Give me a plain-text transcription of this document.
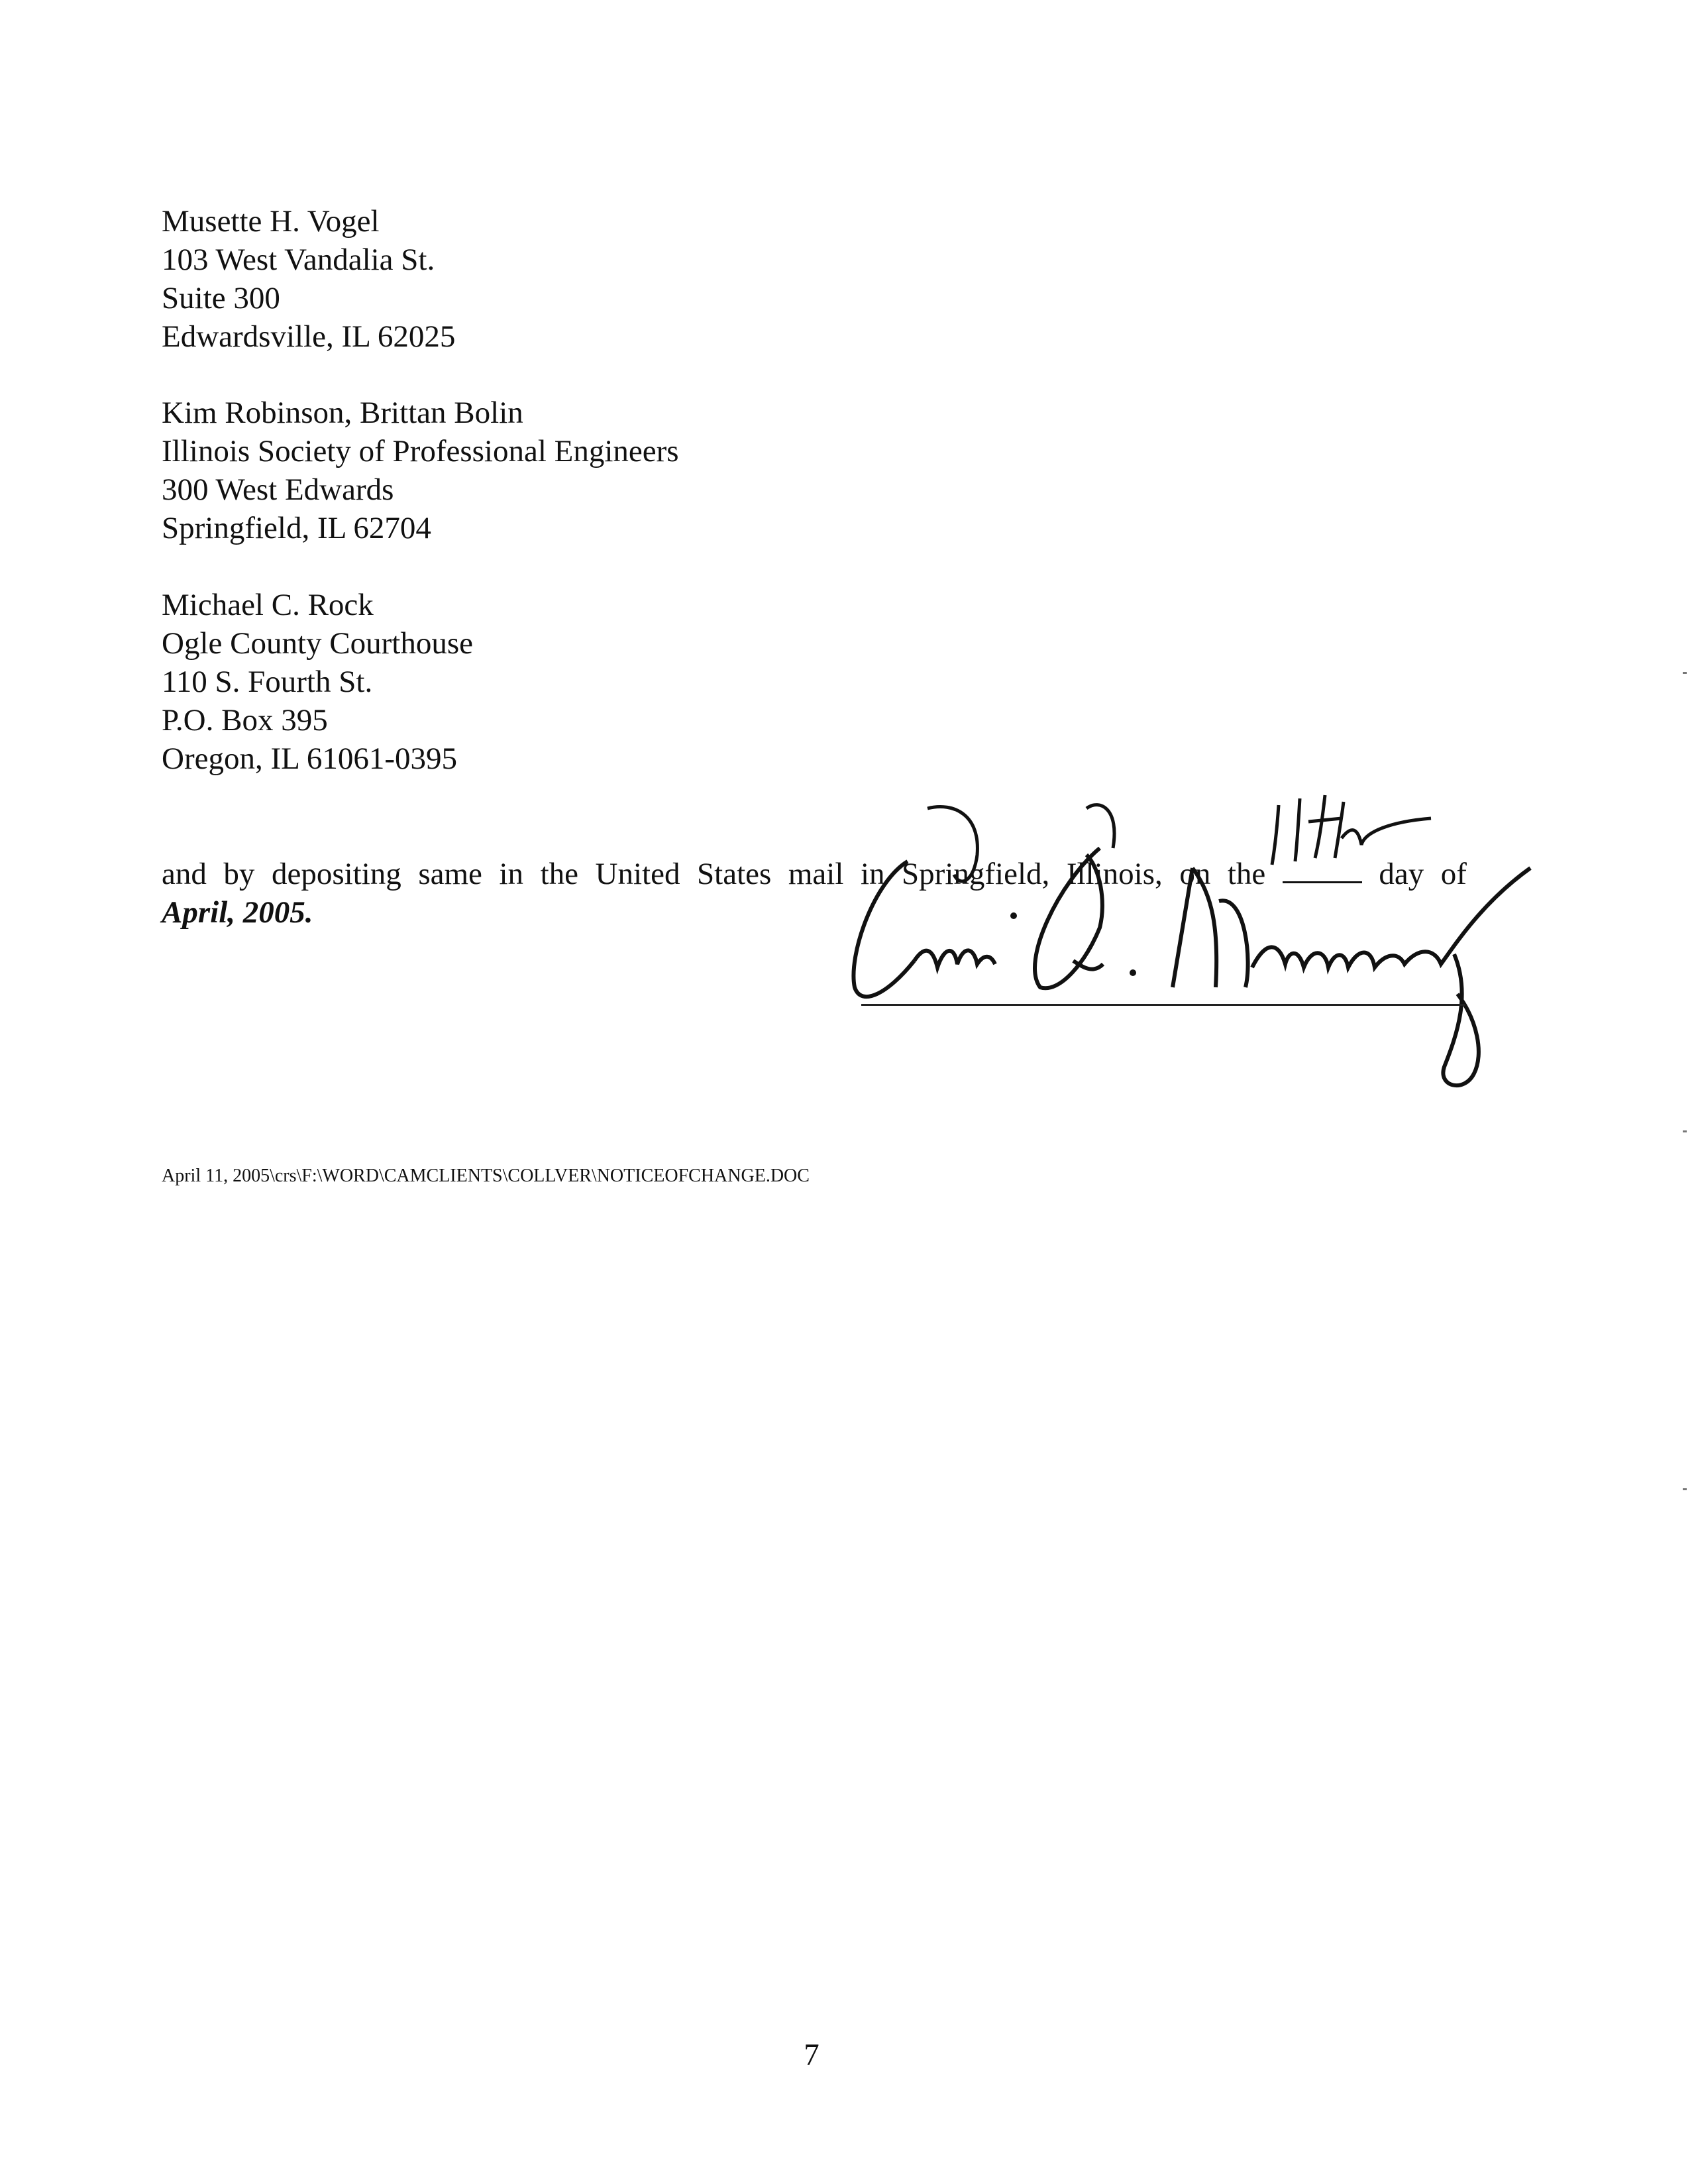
Musette H. Vogel
103 West Vandalia St.
Suite 300
Edwardsville, IL 62025
Kim Robinson, Brittan Bolin
Illinois Society of Professional Engineers
300 West Edwards
Springfield, IL 62704
Michael C. Rock
Ogle County Courthouse
110 S. Fourth St.
P.O. Box 395
Oregon, IL 61061-0395
and by depositing same in the United States mail in Springfield, Illinois, on the	day of
April, 2005.
April 11, 2005\crs\F:\WORD\CAMCLIENTS\COLLVER\NOTICEOFCHANGE.DOC
7
